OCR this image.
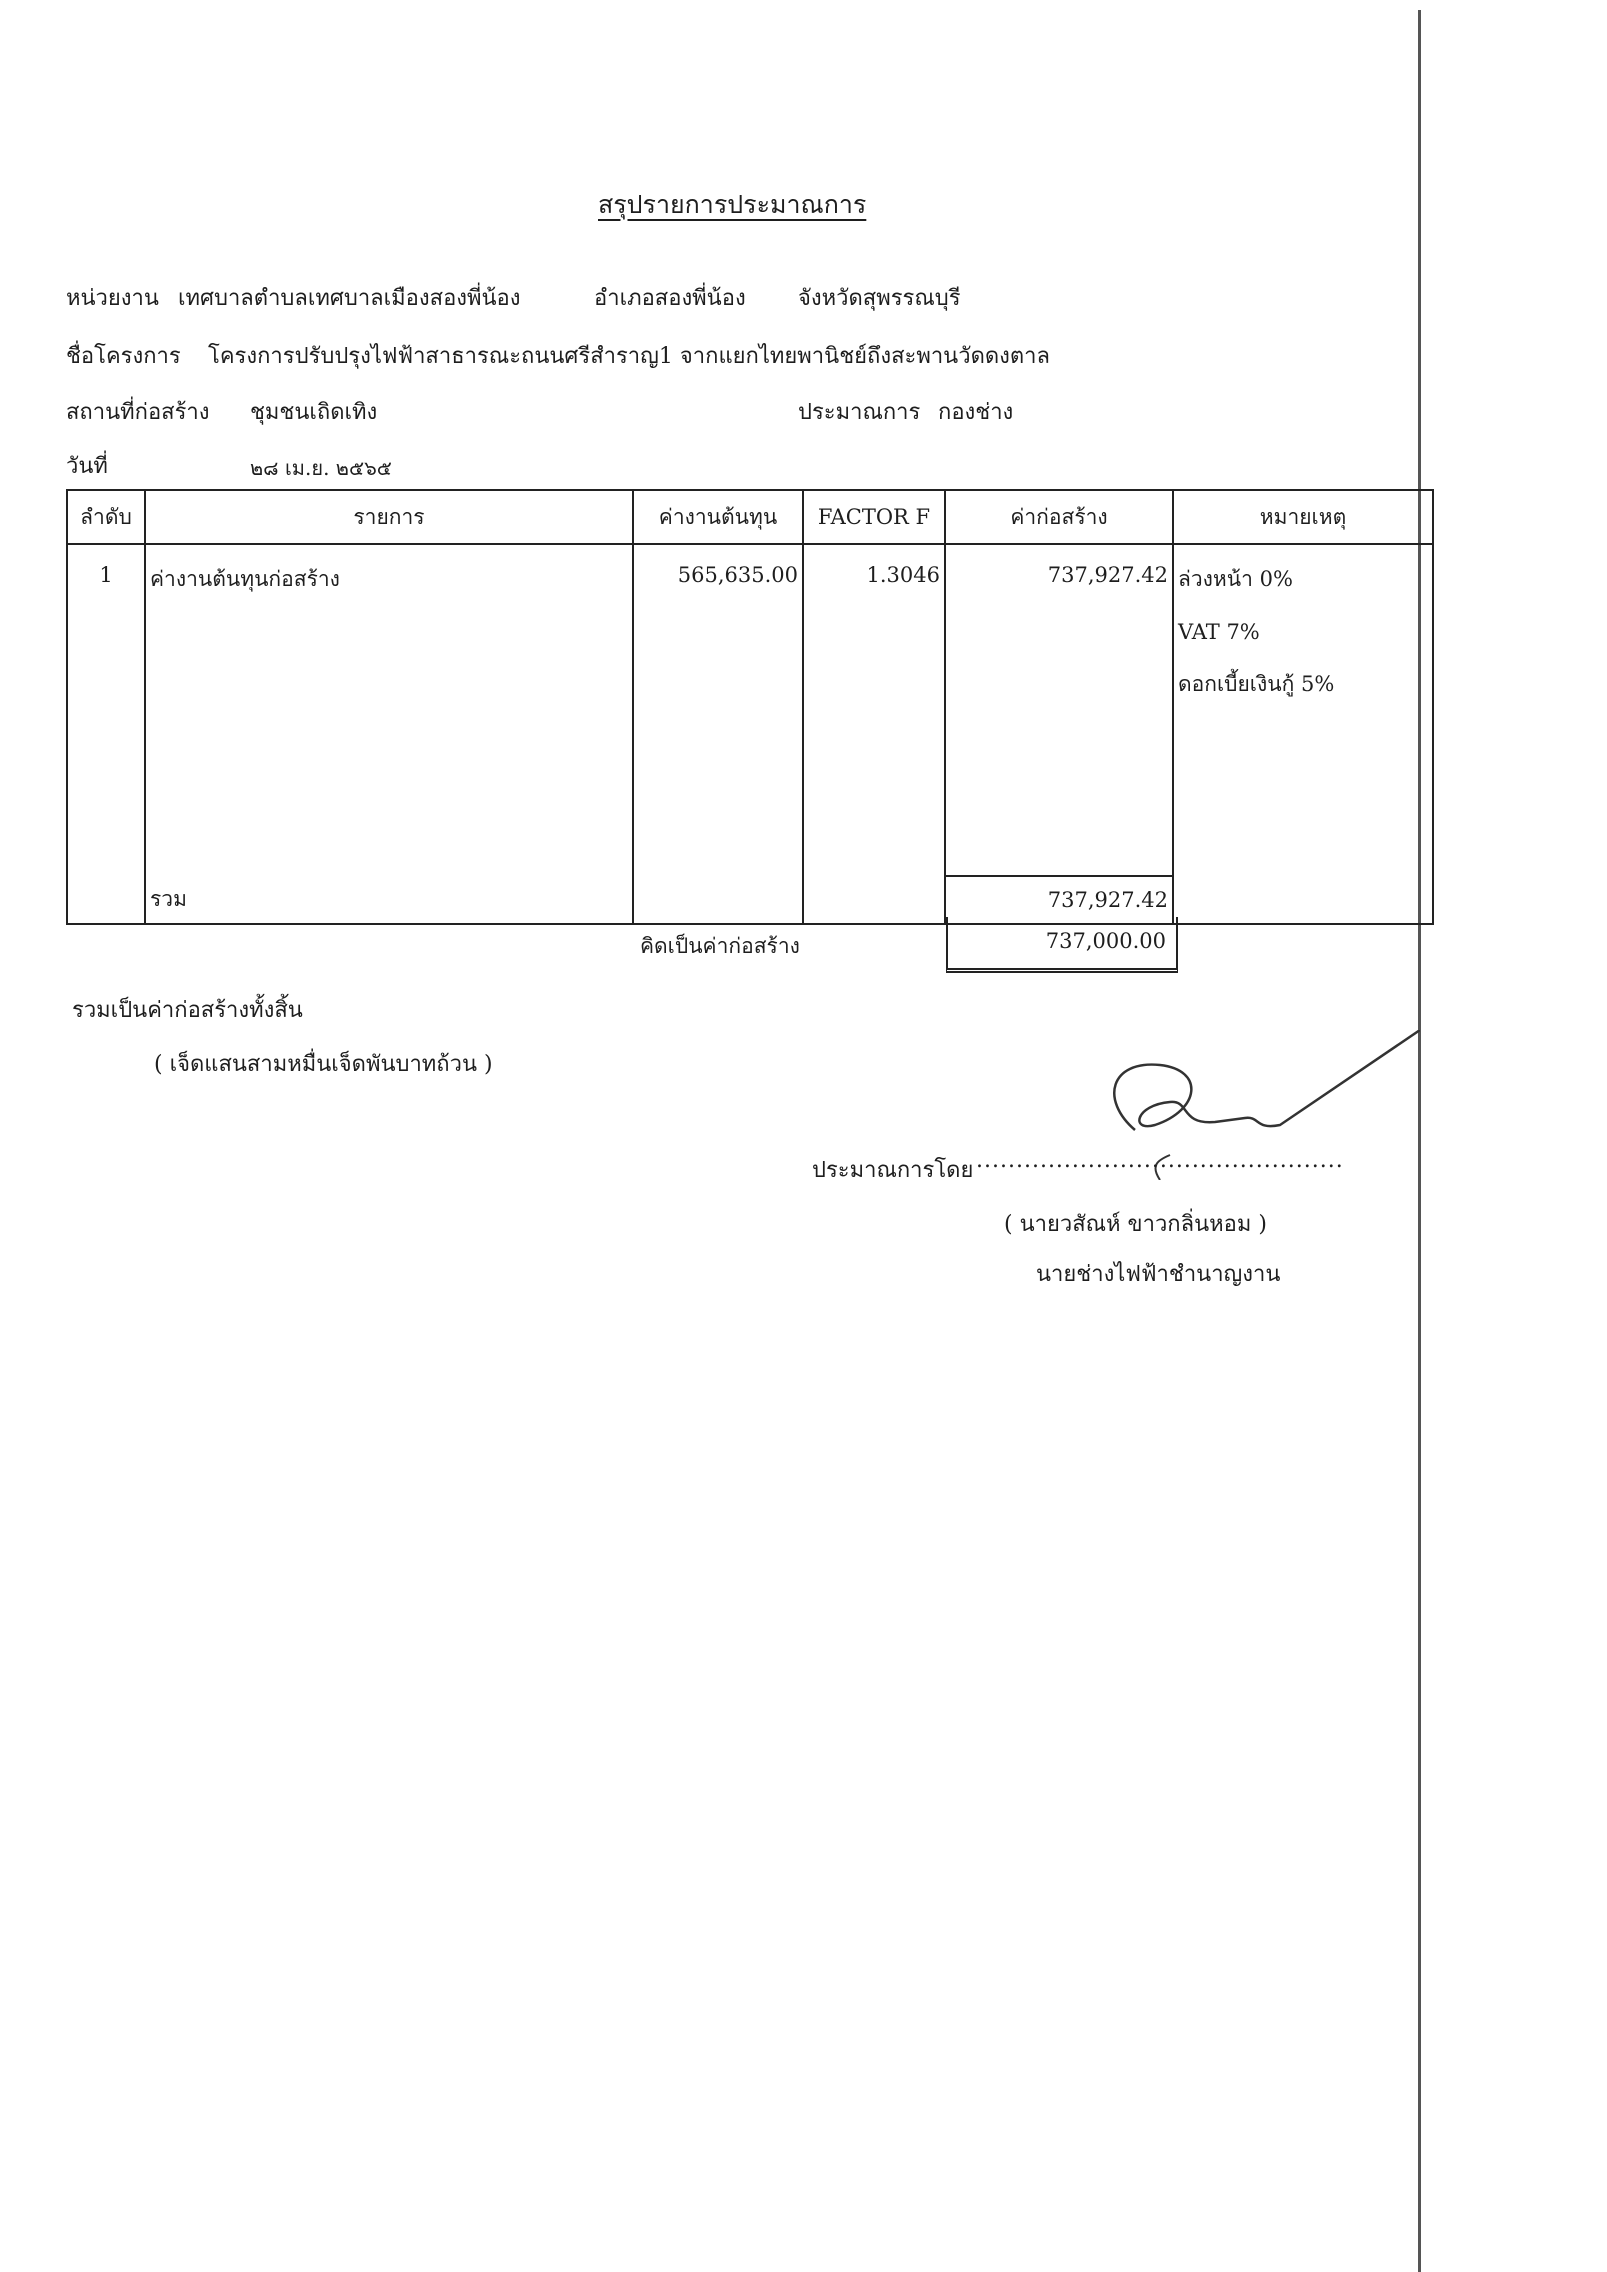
สรุปรายการประมาณการ
หน่วยงาน เทศบาลตำบลเทศบาลเมืองสองพี่น้อง	อำเภอสองพี่น้อง จังหวัดสุพรรณบุรี
ชื่อโครงการ โครงการปรับปรุงไฟฟ้าสาธารณะถนนศรีสำราญ1 จากแยกไทยพานิชย์ถึงสะพานวัดดงตาล
สถานที่ก่อสร้าง ชุมชนเถิดเทิง	ประมาณการ กองช่าง
วันที่	๒๘ เม.ย. ๒๕๖๕
ลำดับ	รายการ	ค่างานต้นทุน	FACTOR F	ค่าก่อสร้าง	หมายเหตุ
1	ค่างานต้นทุนก่อสร้าง	565,635.00	1.3046	737,927.42	ล่วงหน้า 0%
VAT 7%
ดอกเบี้ยเงินกู้ 5%

	รวม			737,927.42	
คิดเป็นค่าก่อสร้าง	737,000.00
รวมเป็นค่าก่อสร้างทั้งสิ้น
( เจ็ดแสนสามหมื่นเจ็ดพันบาทถ้วน )
ประมาณการโดย ..............................................
( นายวสัณห์ ขาวกลิ่นหอม )
นายช่างไฟฟ้าชำนาญงาน
